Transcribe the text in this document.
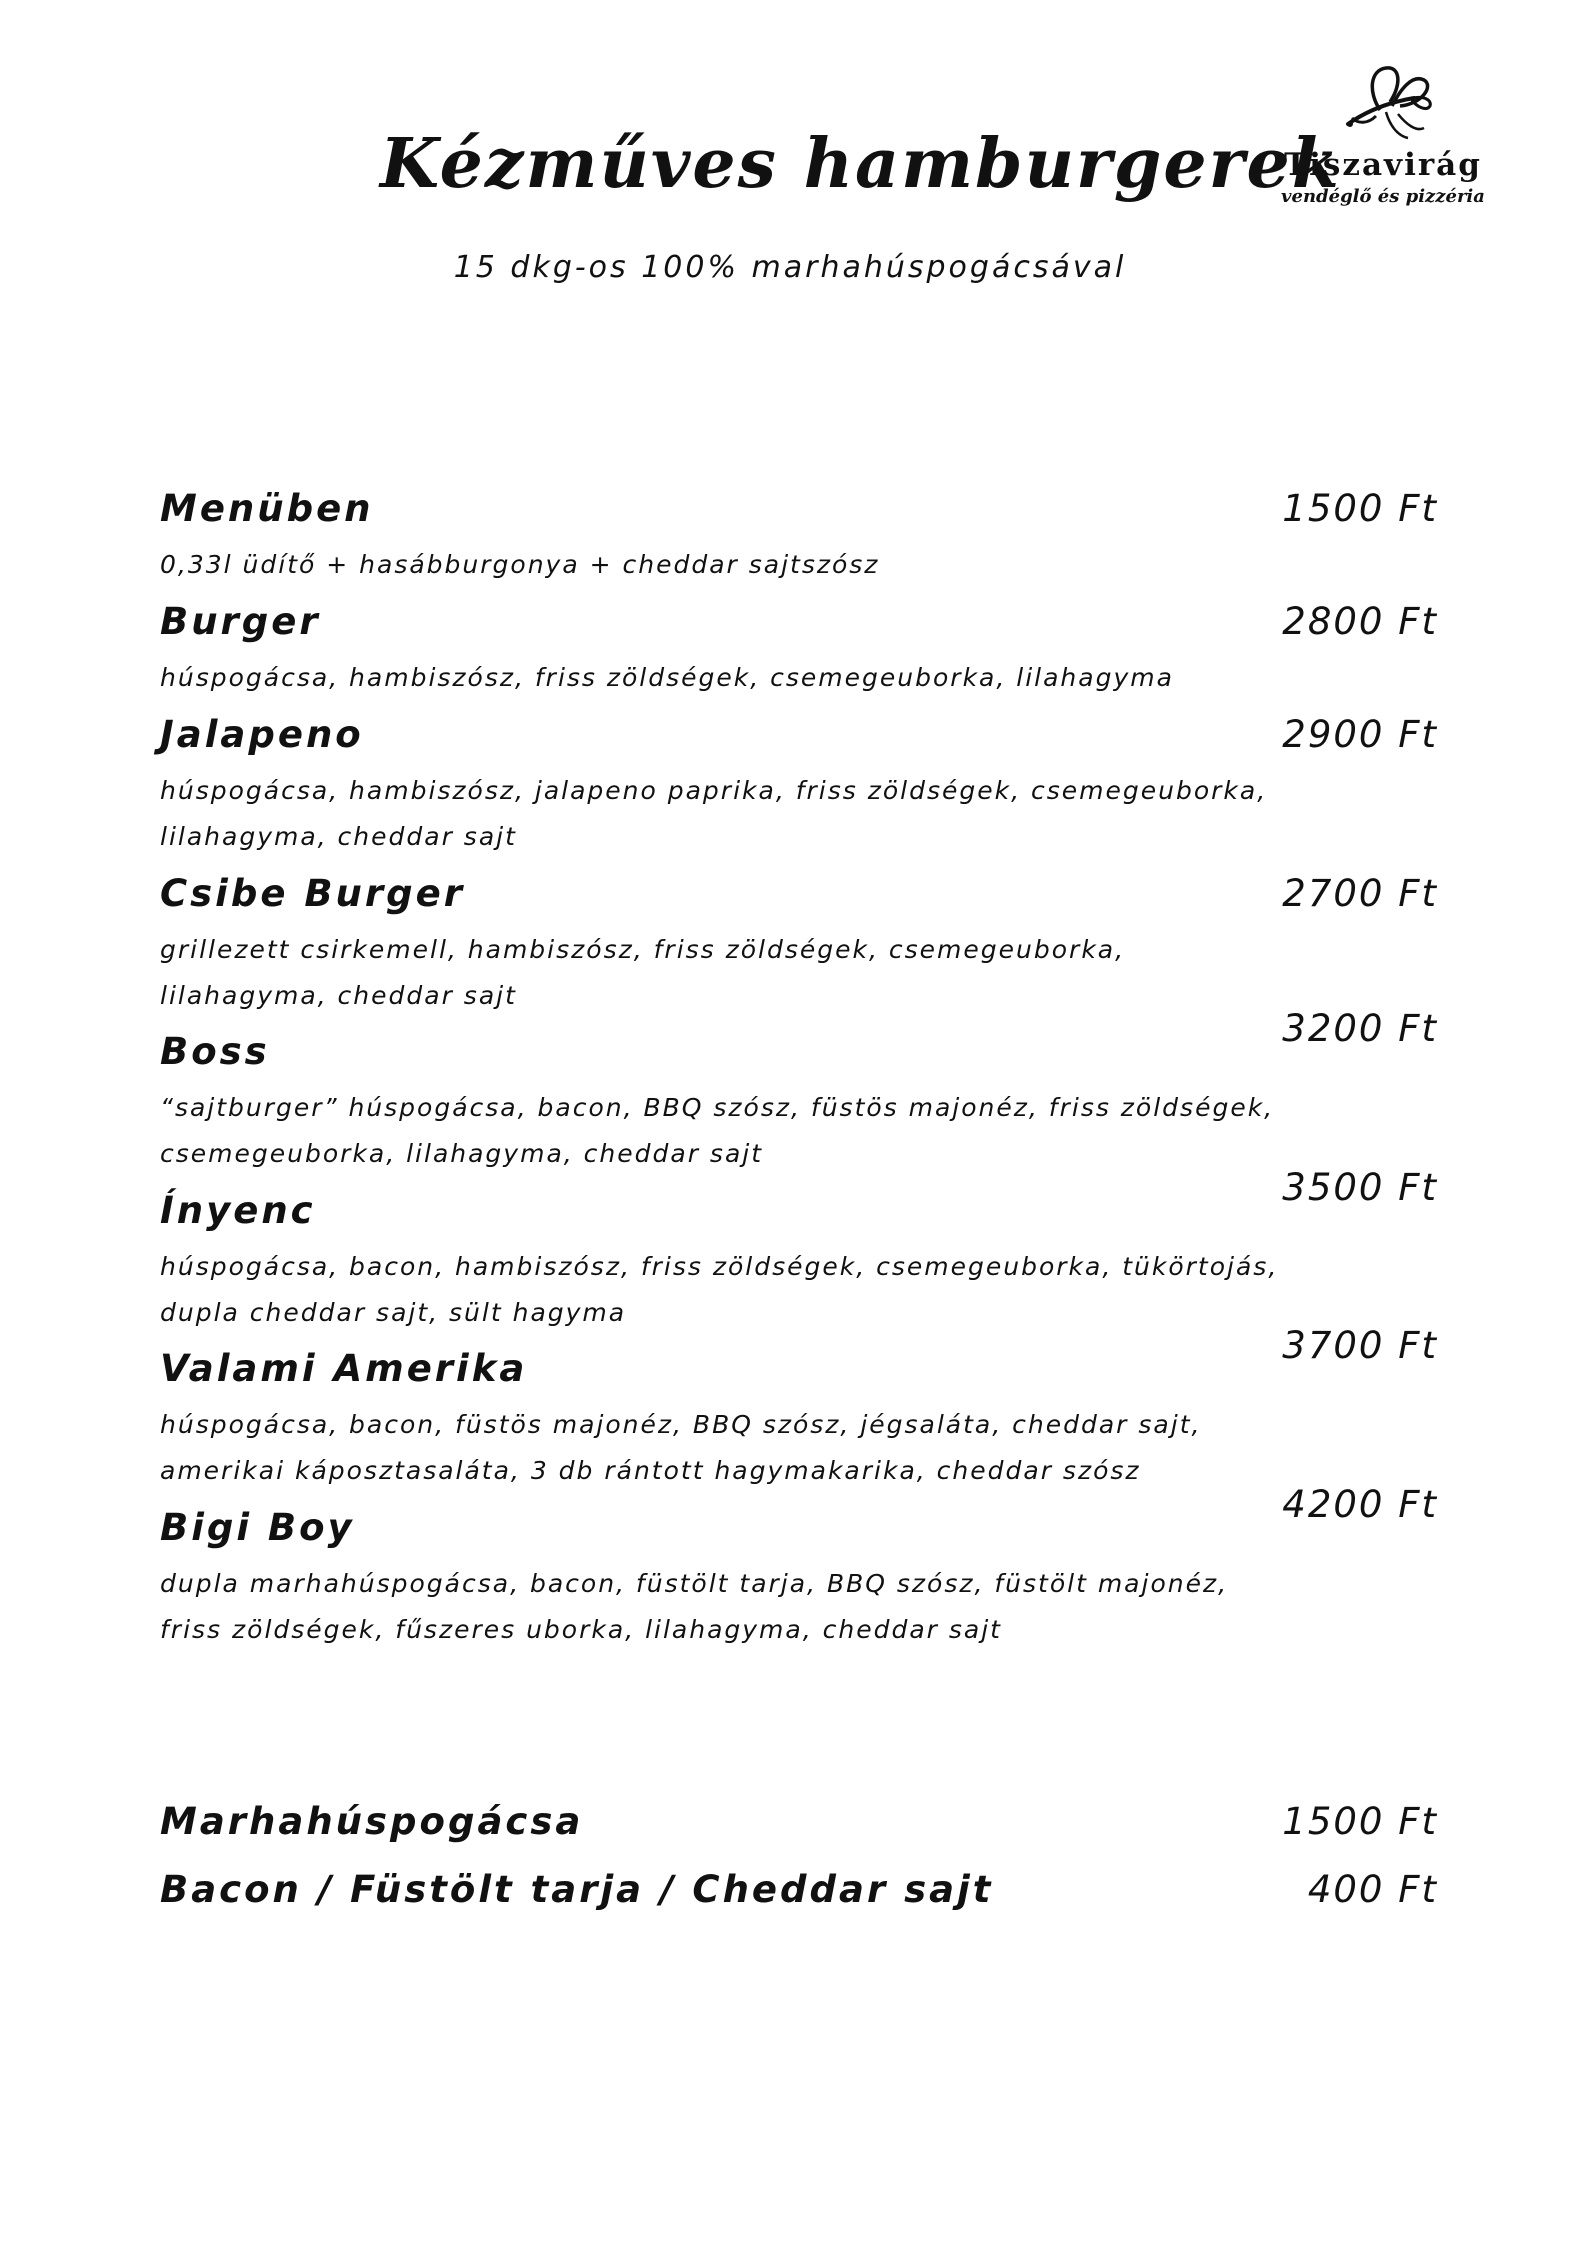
Kézműves hamburgerek
15 dkg-os 100% marhahúspogácsával
Tiszavirág
vendéglő és pizzéria
Menüben

0,33l üdítő + hasábburgonya + cheddar sajtszósz

1500 Ft
Burger

húspogácsa, hambiszósz, friss zöldségek, csemegeuborka, lilahagyma

2800 Ft
Jalapeno

húspogácsa, hambiszósz, jalapeno paprika, friss zöldségek, csemegeuborka, lilahagyma, cheddar sajt

2900 Ft
Csibe Burger

grillezett csirkemell, hambiszósz, friss zöldségek, csemegeuborka, lilahagyma, cheddar sajt

2700 Ft
Boss

“sajtburger” húspogácsa, bacon, BBQ szósz, füstös majonéz, friss zöldségek, csemegeuborka, lilahagyma, cheddar sajt

3200 Ft
Ínyenc

húspogácsa, bacon, hambiszósz, friss zöldségek, csemegeuborka, tükörtojás, dupla cheddar sajt, sült hagyma

3500 Ft
Valami Amerika

húspogácsa, bacon, füstös majonéz, BBQ szósz, jégsaláta, cheddar sajt, amerikai káposztasaláta, 3 db rántott hagymakarika, cheddar szósz

3700 Ft
Bigi Boy

dupla marhahúspogácsa, bacon, füstölt tarja, BBQ szósz, füstölt majonéz, friss zöldségek, fűszeres uborka, lilahagyma, cheddar sajt

4200 Ft
Marhahúspogácsa	1500 Ft
Bacon / Füstölt tarja / Cheddar sajt	400 Ft
